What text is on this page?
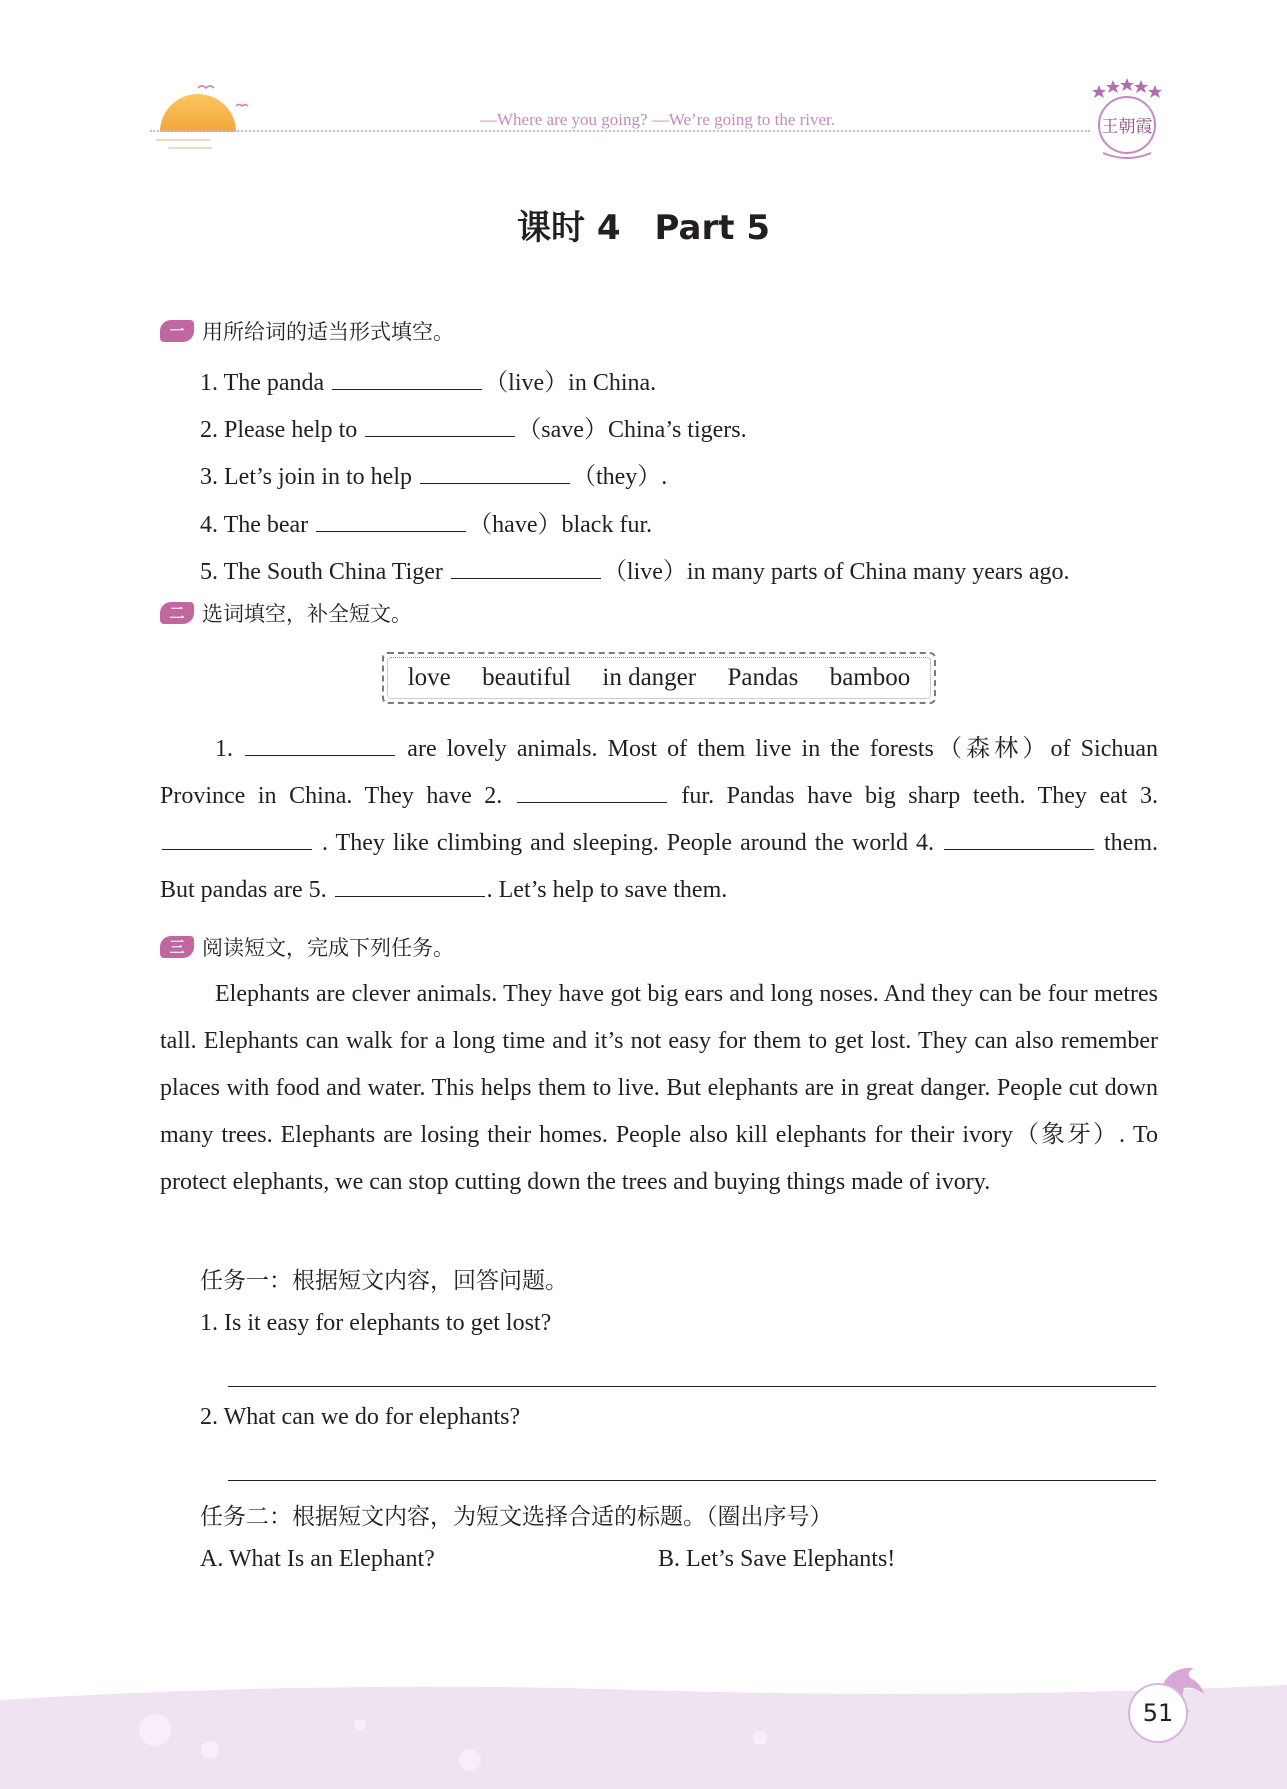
—Where are you going? —We’re going to the river.	王朝霞
课时 4　Part 5
一 用所给词的适当形式填空。
1. The panda	（live）in China.
2. Please help to	（save）China’s tigers.
3. Let’s join in to help	（they）.
4. The bear	（have）black fur.
5. The South China Tiger	（live）in many parts of China many years ago.
二 选词填空，补全短文。
love beautiful in danger Pandas bamboo

1.	are lovely animals. Most of them live in the forests（森林）of Sichuan Province in China. They have 2.	fur. Pandas have big sharp teeth. They eat 3.  . They like climbing and sleeping. People around the world 4.	them. But pandas are 5.	. Let’s help to save them.

三 阅读短文，完成下列任务。

Elephants are clever animals. They have got big ears and long noses. And they can be four metres tall. Elephants can walk for a long time and it’s not easy for them to get lost. They can also remember places with food and water. This helps them to live. But elephants are in great danger. People cut down many trees. Elephants are losing their homes. People also kill elephants for their ivory（象牙）. To protect elephants, we can stop cutting down the trees and buying things made of ivory.

任务一：根据短文内容，回答问题。
1. Is it easy for elephants to get lost?
2. What can we do for elephants?
任务二：根据短文内容，为短文选择合适的标题。（圈出序号）
A. What Is an Elephant?	B. Let’s Save Elephants!
51
